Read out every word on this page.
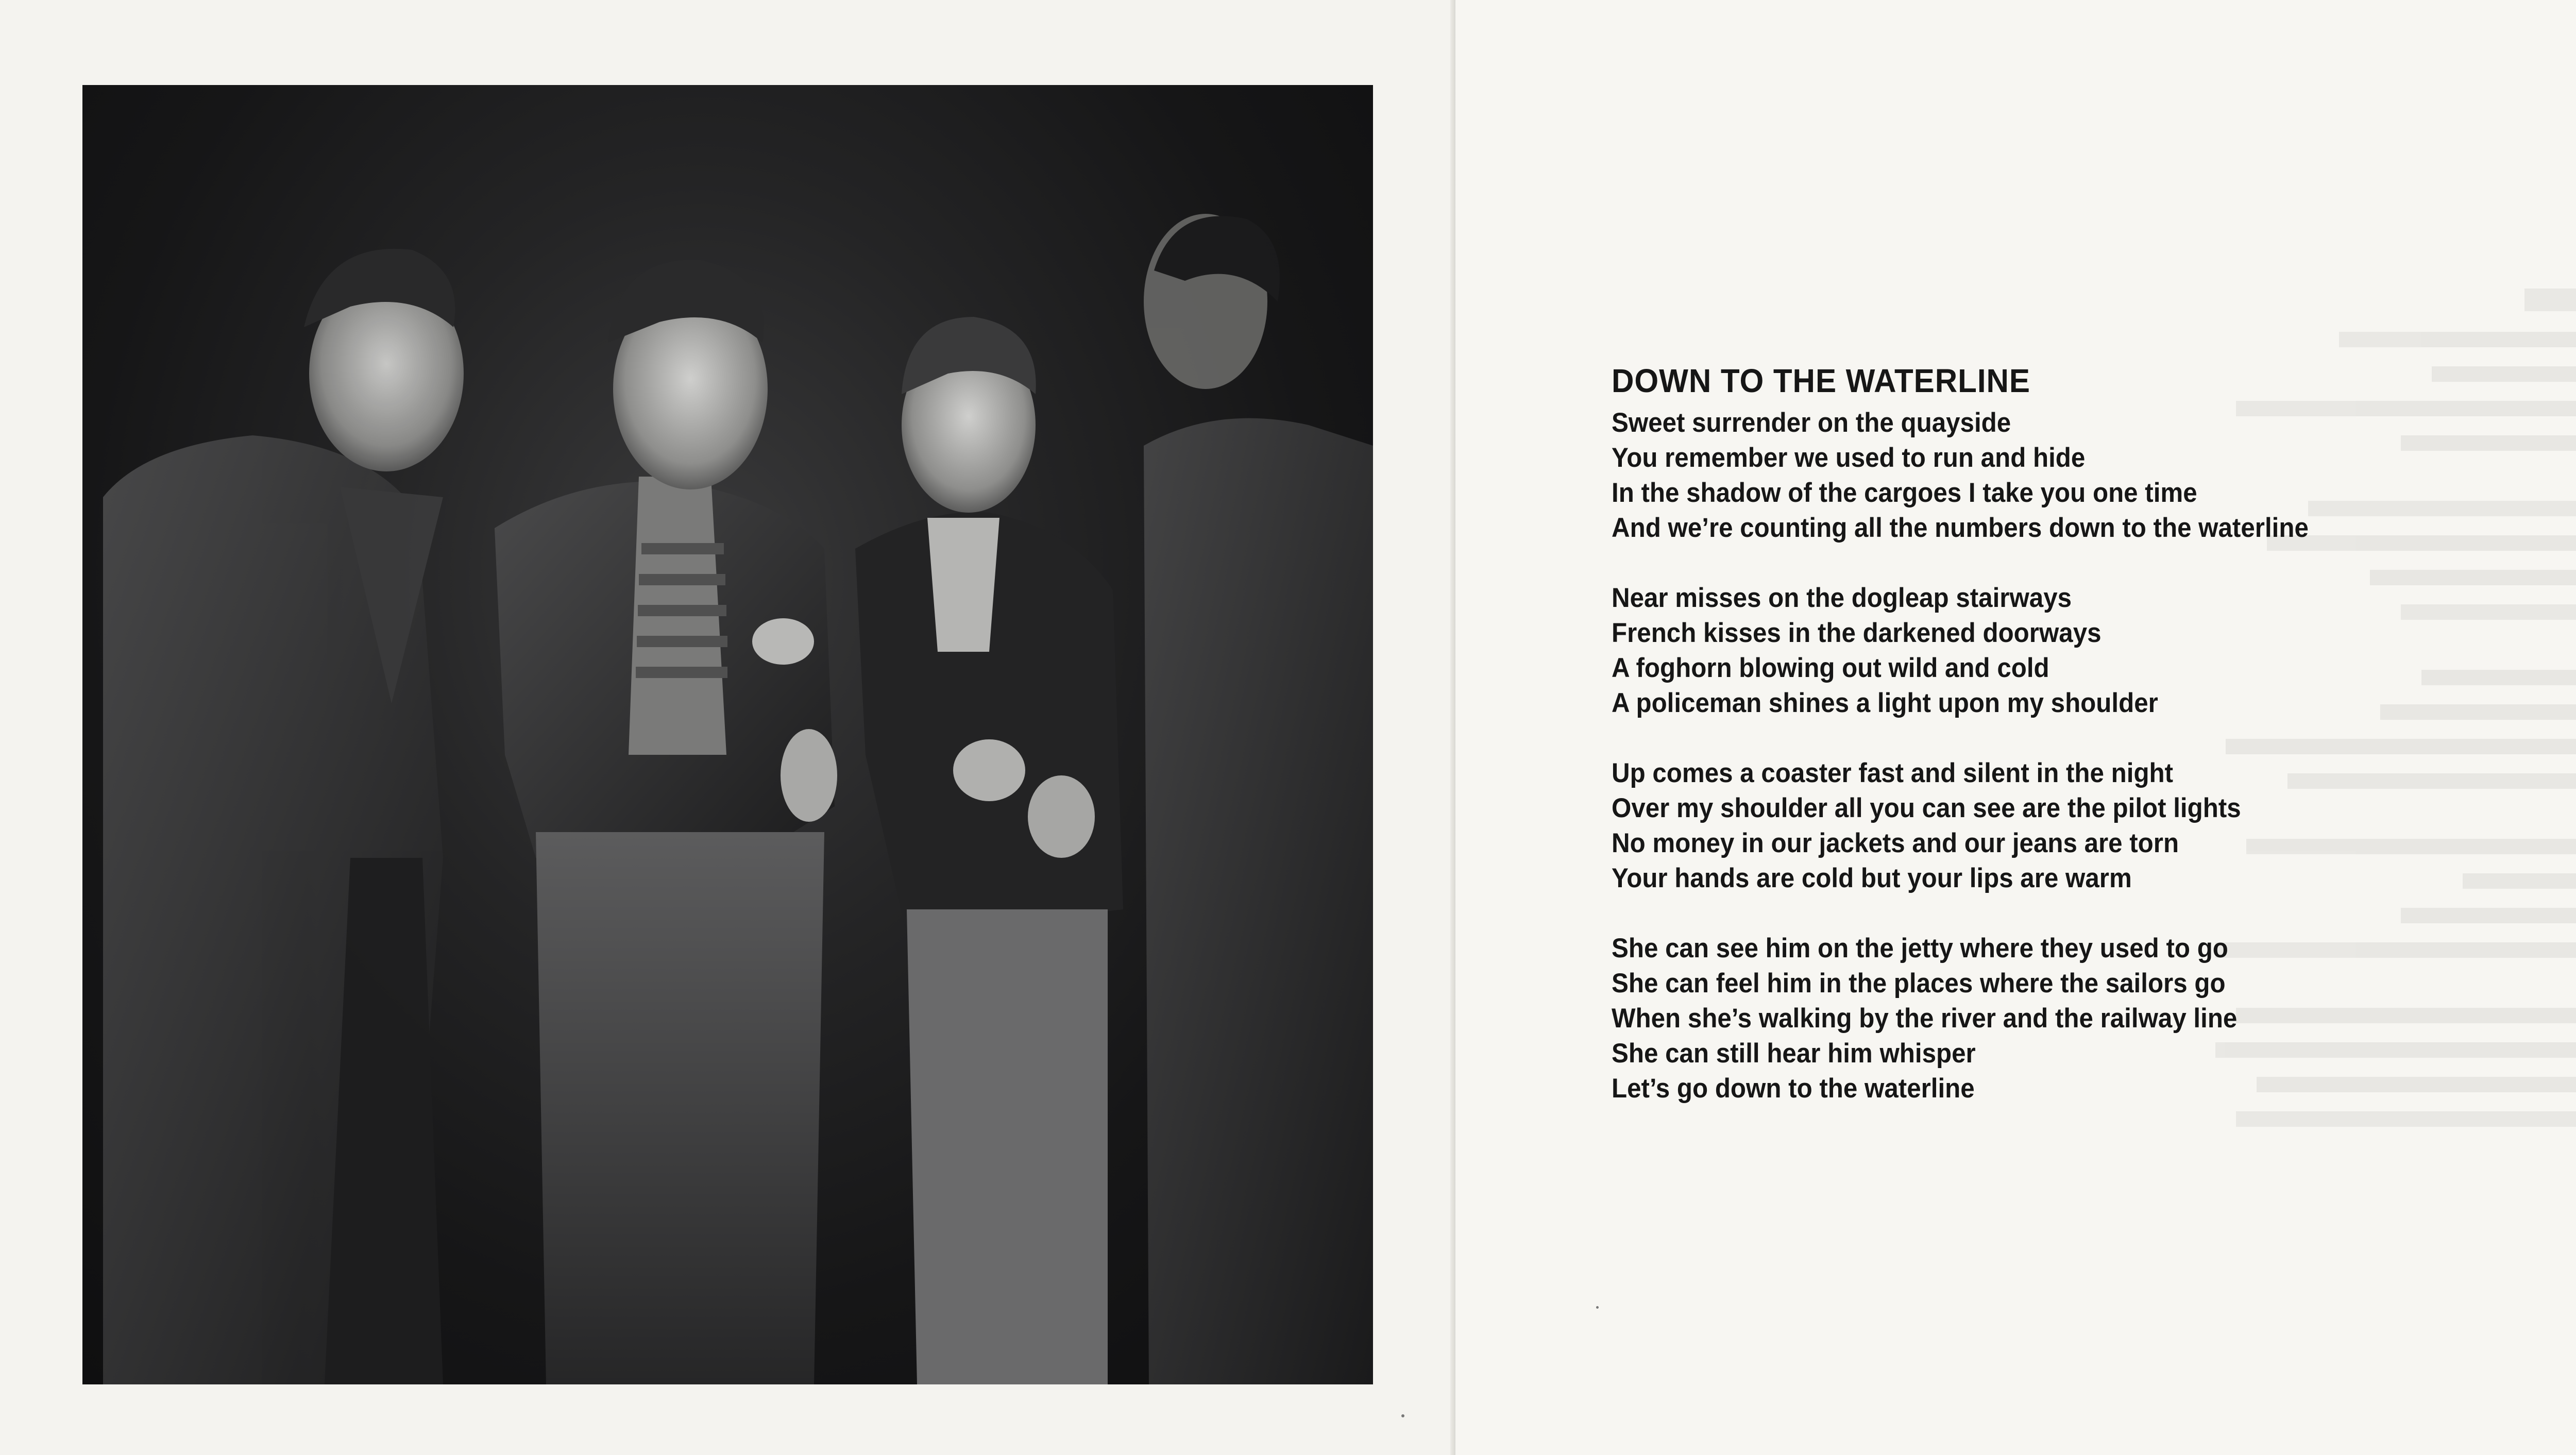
DOWN TO THE WATERLINE
Sweet surrender on the quayside
You remember we used to run and hide
In the shadow of the cargoes I take you one time
And we’re counting all the numbers down to the waterline
Near misses on the dogleap stairways
French kisses in the darkened doorways
A foghorn blowing out wild and cold
A policeman shines a light upon my shoulder
Up comes a coaster fast and silent in the night
Over my shoulder all you can see are the pilot lights
No money in our jackets and our jeans are torn
Your hands are cold but your lips are warm
She can see him on the jetty where they used to go
She can feel him in the places where the sailors go
When she’s walking by the river and the railway line
She can still hear him whisper
Let’s go down to the waterline
